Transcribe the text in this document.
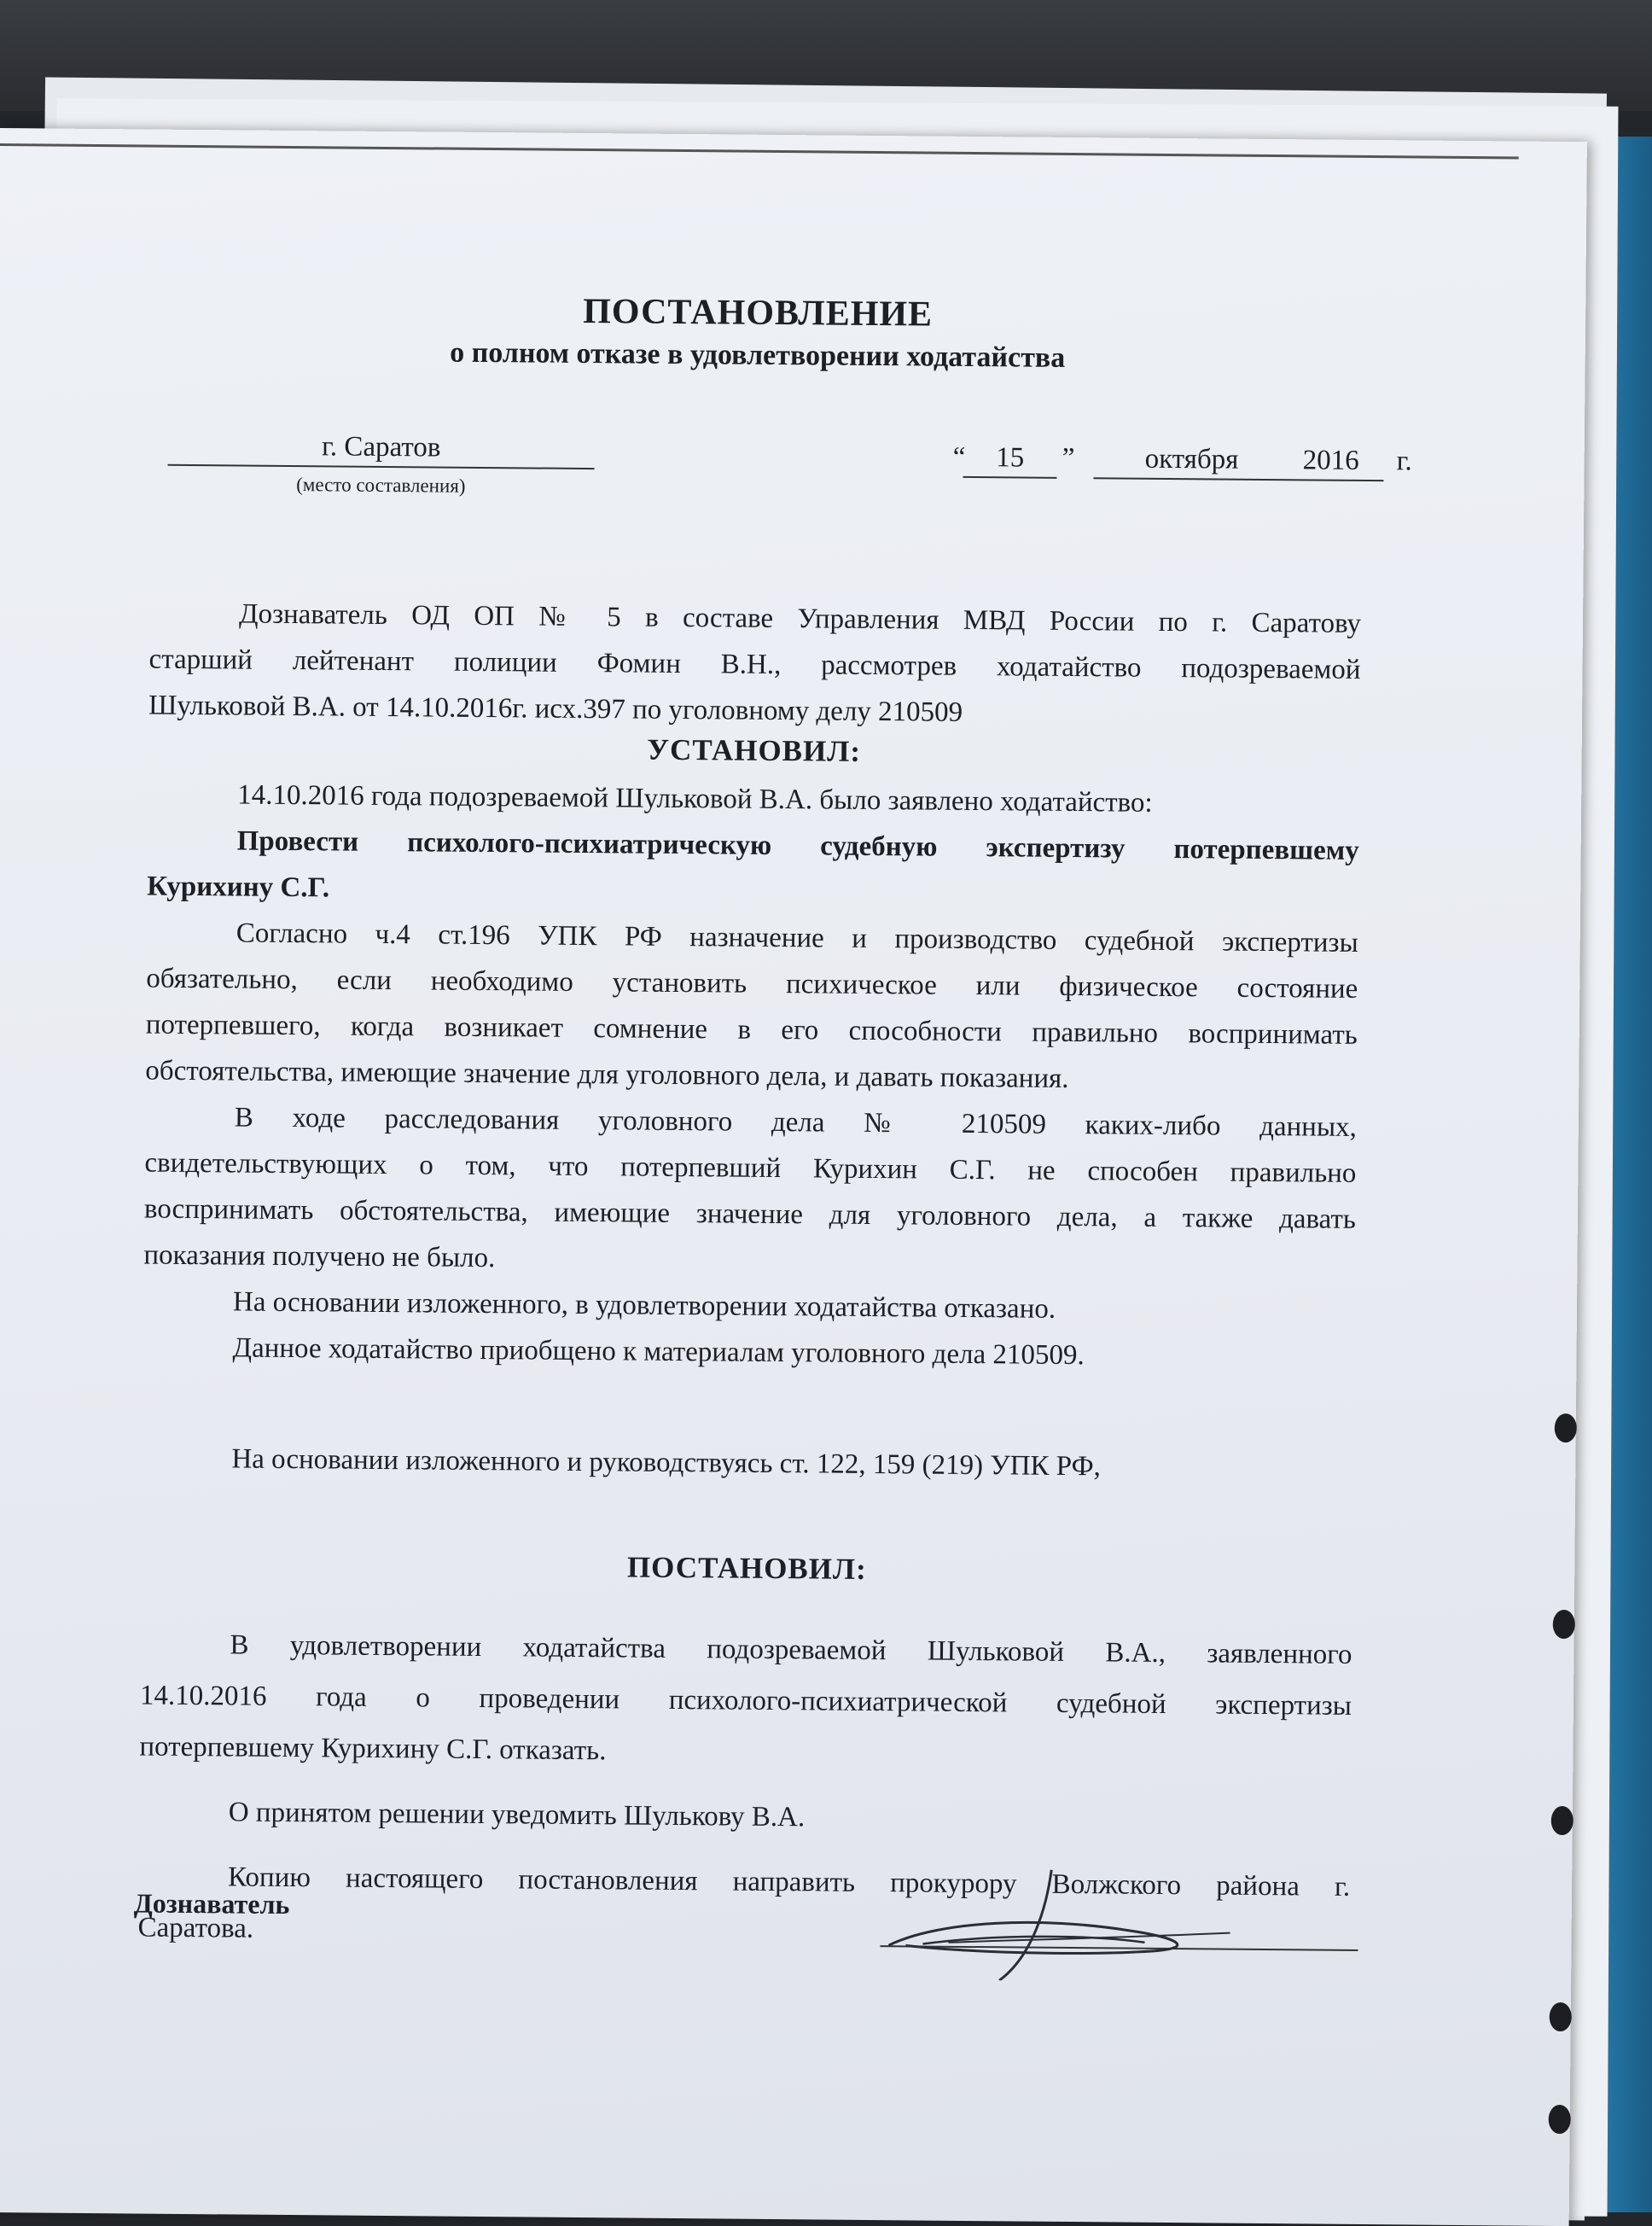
ПОСТАНОВЛЕНИЕ
о полном отказе в удовлетворении ходатайства
г. Саратов
(место составления)
“	15	” октября 2016 г.
Дознаватель ОД ОП № 5 в составе Управления МВД России по г. Саратову
старший лейтенант полиции Фомин В.Н., рассмотрев ходатайство подозреваемой
Шульковой В.А. от 14.10.2016г. исх.397 по уголовному делу 210509
УСТАНОВИЛ:
14.10.2016 года подозреваемой Шульковой В.А. было заявлено ходатайство:
Провести психолого-психиатрическую судебную экспертизу потерпевшему
Курихину С.Г.
Согласно ч.4 ст.196 УПК РФ назначение и производство судебной экспертизы
обязательно, если необходимо установить психическое или физическое состояние
потерпевшего, когда возникает сомнение в его способности правильно воспринимать
обстоятельства, имеющие значение для уголовного дела, и давать показания.
В ходе расследования уголовного дела № 210509 каких-либо данных,
свидетельствующих о том, что потерпевший Курихин С.Г. не способен правильно
воспринимать обстоятельства, имеющие значение для уголовного дела, а также давать
показания получено не было.
На основании изложенного, в удовлетворении ходатайства отказано.
Данное ходатайство приобщено к материалам уголовного дела 210509.
На основании изложенного и руководствуясь ст. 122, 159 (219) УПК РФ,
ПОСТАНОВИЛ:
В удовлетворении ходатайства подозреваемой Шульковой В.А., заявленного
14.10.2016 года о проведении психолого-психиатрической судебной экспертизы
потерпевшему Курихину С.Г. отказать.
О принятом решении уведомить Шулькову В.А.
Копию настоящего постановления направить прокурору Волжского района г.
Саратова.
Дознаватель
